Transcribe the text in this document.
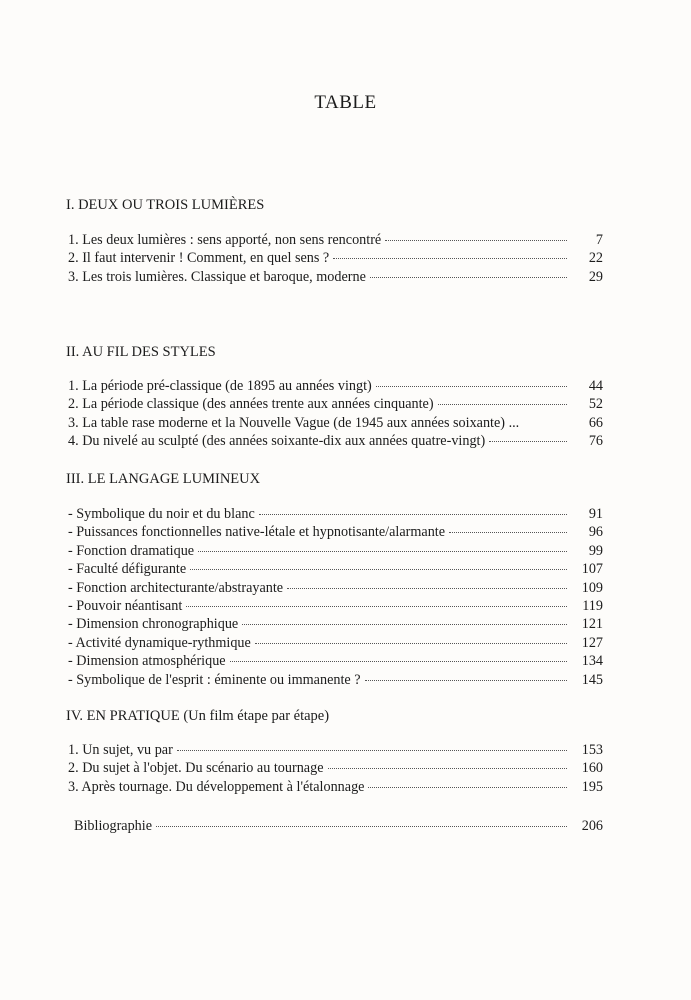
TABLE
I. DEUX OU TROIS LUMIÈRES
1. Les deux lumières : sens apporté, non sens rencontré	7
2. Il faut intervenir ! Comment, en quel sens ?	22
3. Les trois lumières. Classique et baroque, moderne	29
II. AU FIL DES STYLES
1. La période pré-classique (de 1895 au années vingt)	44
2. La période classique (des années trente aux années cinquante)	52
3. La table rase moderne et la Nouvelle Vague (de 1945 aux années soixante) ...	66
4. Du nivelé au sculpté (des années soixante-dix aux années quatre-vingt)	76
III. LE LANGAGE LUMINEUX
- Symbolique du noir et du blanc	91
- Puissances fonctionnelles native-létale et hypnotisante/alarmante	96
- Fonction dramatique	99
- Faculté défigurante	107
- Fonction architecturante/abstrayante	109
- Pouvoir néantisant	119
- Dimension chronographique	121
- Activité dynamique-rythmique	127
- Dimension atmosphérique	134
- Symbolique de l'esprit : éminente ou immanente ?	145
IV. EN PRATIQUE (Un film étape par étape)
1. Un sujet, vu par	153
2. Du sujet à l'objet. Du scénario au tournage	160
3. Après tournage. Du développement à l'étalonnage	195
Bibliographie	206
